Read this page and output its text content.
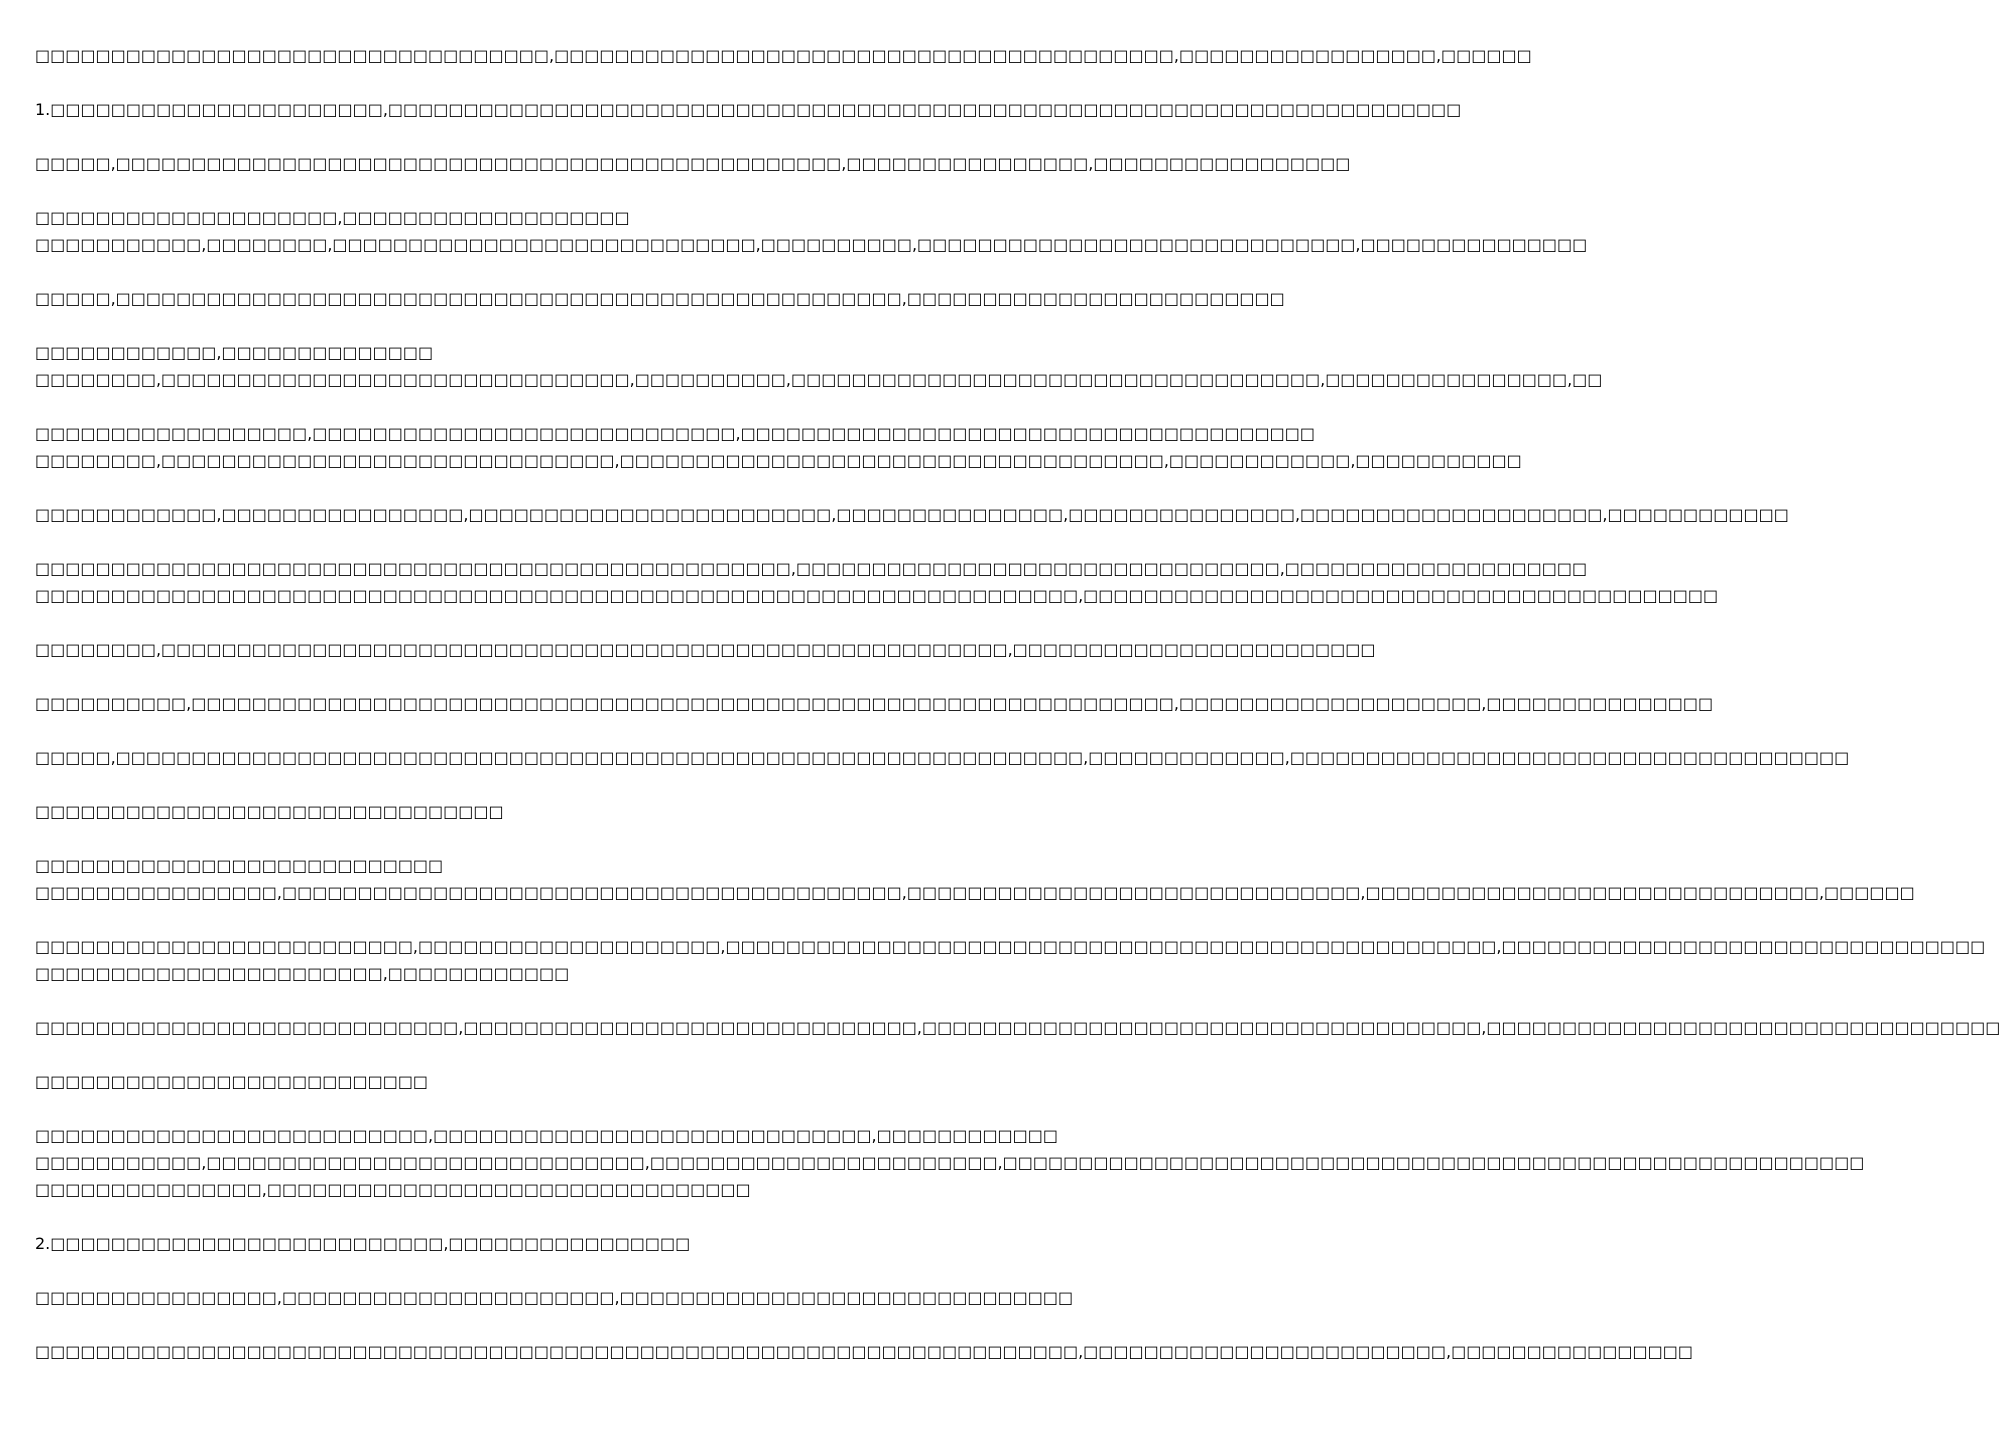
□□□□□□□□□□□□□□□□□□□□□□□□□□□□□□□□□□,□□□□□□□□□□□□□□□□□□□□□□□□□□□□□□□□□□□□□□□□□,□□□□□□□□□□□□□□□□□,□□□□□□
1.□□□□□□□□□□□□□□□□□□□□□□,□□□□□□□□□□□□□□□□□□□□□□□□□□□□□□□□□□□□□□□□□□□□□□□□□□□□□□□□□□□□□□□□□□□□□□□
□□□□□,□□□□□□□□□□□□□□□□□□□□□□□□□□□□□□□□□□□□□□□□□□□□□□□□,□□□□□□□□□□□□□□□□,□□□□□□□□□□□□□□□□□
□□□□□□□□□□□□□□□□□□□□,□□□□□□□□□□□□□□□□□□□
□□□□□□□□□□□,□□□□□□□□,□□□□□□□□□□□□□□□□□□□□□□□□□□□□,□□□□□□□□□□,□□□□□□□□□□□□□□□□□□□□□□□□□□□□□,□□□□□□□□□□□□□□□
□□□□□,□□□□□□□□□□□□□□□□□□□□□□□□□□□□□□□□□□□□□□□□□□□□□□□□□□□□,□□□□□□□□□□□□□□□□□□□□□□□□□
□□□□□□□□□□□□,□□□□□□□□□□□□□□
□□□□□□□□,□□□□□□□□□□□□□□□□□□□□□□□□□□□□□□□,□□□□□□□□□□,□□□□□□□□□□□□□□□□□□□□□□□□□□□□□□□□□□□,□□□□□□□□□□□□□□□□,□□
□□□□□□□□□□□□□□□□□□,□□□□□□□□□□□□□□□□□□□□□□□□□□□□,□□□□□□□□□□□□□□□□□□□□□□□□□□□□□□□□□□□□□□
□□□□□□□□,□□□□□□□□□□□□□□□□□□□□□□□□□□□□□□,□□□□□□□□□□□□□□□□□□□□□□□□□□□□□□□□□□□□,□□□□□□□□□□□□,□□□□□□□□□□□
□□□□□□□□□□□□,□□□□□□□□□□□□□□□□,□□□□□□□□□□□□□□□□□□□□□□□□,□□□□□□□□□□□□□□□,□□□□□□□□□□□□□□□,□□□□□□□□□□□□□□□□□□□□,□□□□□□□□□□□□
□□□□□□□□□□□□□□□□□□□□□□□□□□□□□□□□□□□□□□□□□□□□□□□□□□,□□□□□□□□□□□□□□□□□□□□□□□□□□□□□□□□,□□□□□□□□□□□□□□□□□□□□
□□□□□□□□□□□□□□□□□□□□□□□□□□□□□□□□□□□□□□□□□□□□□□□□□□□□□□□□□□□□□□□□□□□□□,□□□□□□□□□□□□□□□□□□□□□□□□□□□□□□□□□□□□□□□□□□
□□□□□□□□,□□□□□□□□□□□□□□□□□□□□□□□□□□□□□□□□□□□□□□□□□□□□□□□□□□□□□□□□,□□□□□□□□□□□□□□□□□□□□□□□□
□□□□□□□□□□,□□□□□□□□□□□□□□□□□□□□□□□□□□□□□□□□□□□□□□□□□□□□□□□□□□□□□□□□□□□□□□□□□,□□□□□□□□□□□□□□□□□□□□,□□□□□□□□□□□□□□□
□□□□□,□□□□□□□□□□□□□□□□□□□□□□□□□□□□□□□□□□□□□□□□□□□□□□□□□□□□□□□□□□□□□□□□,□□□□□□□□□□□□□,□□□□□□□□□□□□□□□□□□□□□□□□□□□□□□□□□□□□□
□□□□□□□□□□□□□□□□□□□□□□□□□□□□□□□
□□□□□□□□□□□□□□□□□□□□□□□□□□□
□□□□□□□□□□□□□□□□,□□□□□□□□□□□□□□□□□□□□□□□□□□□□□□□□□□□□□□□□□,□□□□□□□□□□□□□□□□□□□□□□□□□□□□□□,□□□□□□□□□□□□□□□□□□□□□□□□□□□□□□,□□□□□□
□□□□□□□□□□□□□□□□□□□□□□□□□,□□□□□□□□□□□□□□□□□□□□,□□□□□□□□□□□□□□□□□□□□□□□□□□□□□□□□□□□□□□□□□□□□□□□□□□□,□□□□□□□□□□□□□□□□□□□□□□□□□□□□□□□□
□□□□□□□□□□□□□□□□□□□□□□□,□□□□□□□□□□□□
□□□□□□□□□□□□□□□□□□□□□□□□□□□□,□□□□□□□□□□□□□□□□□□□□□□□□□□□□□□,□□□□□□□□□□□□□□□□□□□□□□□□□□□□□□□□□□□□□,□□□□□□□□□□□□□□□□□□□□□□□□□□□□□□□□□□
□□□□□□□□□□□□□□□□□□□□□□□□□□
□□□□□□□□□□□□□□□□□□□□□□□□□□,□□□□□□□□□□□□□□□□□□□□□□□□□□□□□,□□□□□□□□□□□□
□□□□□□□□□□□,□□□□□□□□□□□□□□□□□□□□□□□□□□□□□,□□□□□□□□□□□□□□□□□□□□□□□,□□□□□□□□□□□□□□□□□□□□□□□□□□□□□□□□□□□□□□□□□□□□□□□□□□□□□□□□□
□□□□□□□□□□□□□□□,□□□□□□□□□□□□□□□□□□□□□□□□□□□□□□□□
2.□□□□□□□□□□□□□□□□□□□□□□□□□□,□□□□□□□□□□□□□□□□
□□□□□□□□□□□□□□□□,□□□□□□□□□□□□□□□□□□□□□□,□□□□□□□□□□□□□□□□□□□□□□□□□□□□□□
□□□□□□□□□□□□□□□□□□□□□□□□□□□□□□□□□□□□□□□□□□□□□□□□□□□□□□□□□□□□□□□□□□□□□,□□□□□□□□□□□□□□□□□□□□□□□□,□□□□□□□□□□□□□□□□
